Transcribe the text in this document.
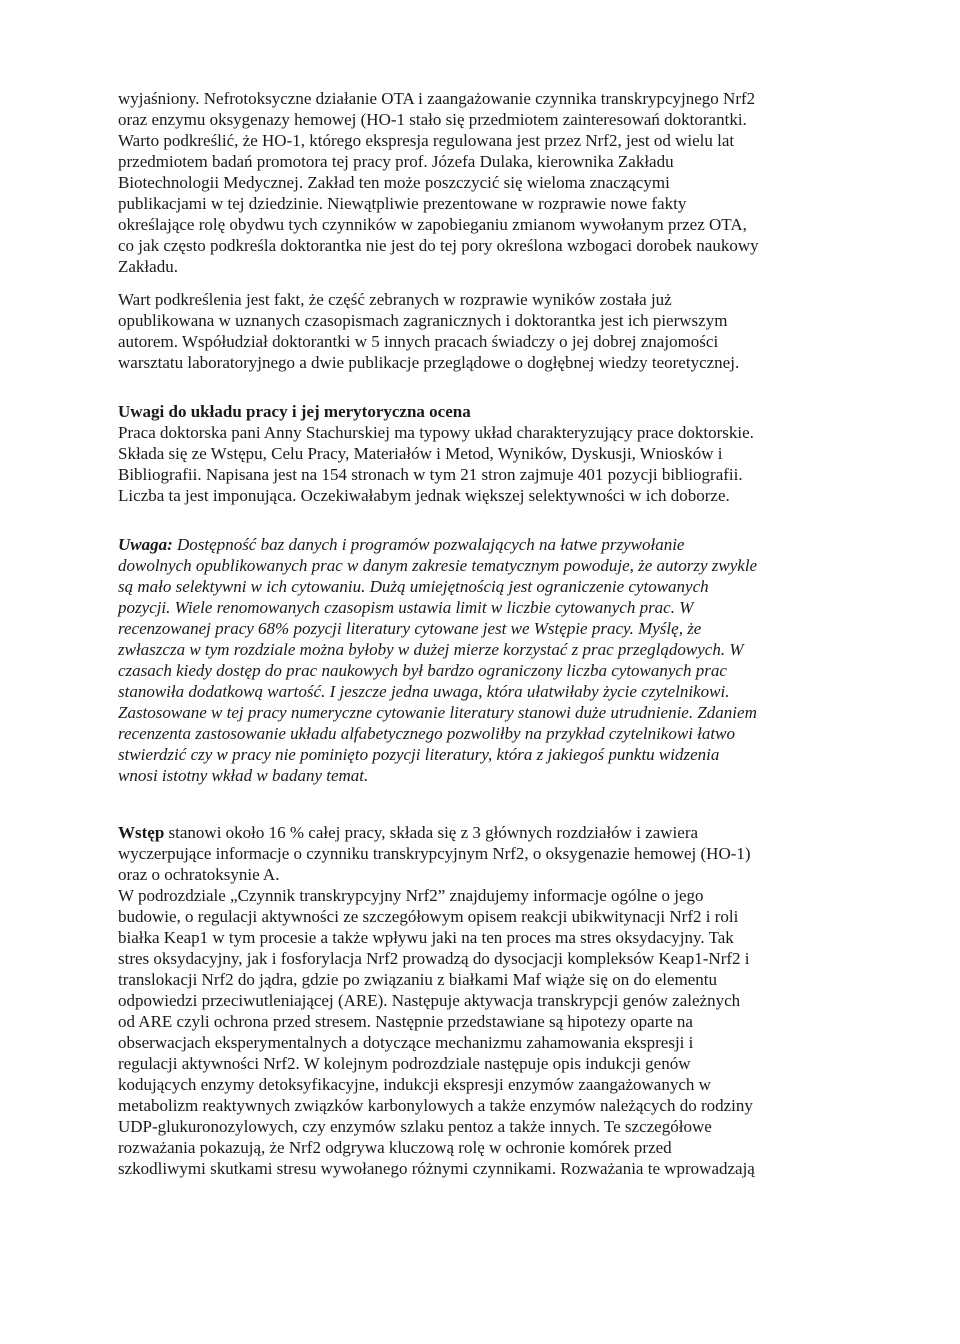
wyjaśniony. Nefrotoksyczne działanie OTA i zaangażowanie czynnika transkrypcyjnego Nrf2
oraz enzymu oksygenazy hemowej (HO-1 stało się przedmiotem zainteresowań doktorantki.
Warto podkreślić, że HO-1, którego ekspresja regulowana jest przez Nrf2, jest od wielu lat
przedmiotem badań promotora tej pracy prof. Józefa Dulaka, kierownika Zakładu
Biotechnologii Medycznej. Zakład ten może poszczycić się wieloma znaczącymi
publikacjami w tej dziedzinie. Niewątpliwie prezentowane w rozprawie nowe fakty
określające rolę obydwu tych czynników w zapobieganiu zmianom wywołanym przez OTA,
co jak często podkreśla doktorantka nie jest do tej pory określona wzbogaci dorobek naukowy
Zakładu.
Wart podkreślenia jest fakt, że część zebranych w rozprawie wyników została już
opublikowana w uznanych czasopismach zagranicznych i doktorantka jest ich pierwszym
autorem. Współudział doktorantki w 5 innych pracach świadczy o jej dobrej znajomości
warsztatu laboratoryjnego a dwie publikacje przeglądowe o dogłębnej wiedzy teoretycznej.
Uwagi do układu pracy i jej merytoryczna ocena
Praca doktorska pani Anny Stachurskiej ma typowy układ charakteryzujący prace doktorskie.
Składa się ze Wstępu, Celu Pracy, Materiałów i Metod, Wyników, Dyskusji, Wniosków i
Bibliografii. Napisana jest na 154 stronach w tym 21 stron zajmuje 401 pozycji bibliografii.
Liczba ta jest imponująca. Oczekiwałabym jednak większej selektywności w ich doborze.
Uwaga: Dostępność baz danych i programów pozwalających na łatwe przywołanie
dowolnych opublikowanych prac w danym zakresie tematycznym powoduje, że autorzy zwykle
są mało selektywni w ich cytowaniu. Dużą umiejętnością jest ograniczenie cytowanych
pozycji. Wiele renomowanych czasopism ustawia limit w liczbie cytowanych prac. W
recenzowanej pracy 68% pozycji literatury cytowane jest we Wstępie pracy. Myślę, że
zwłaszcza w tym rozdziale można byłoby w dużej mierze korzystać z prac przeglądowych. W
czasach kiedy dostęp do prac naukowych był bardzo ograniczony liczba cytowanych prac
stanowiła dodatkową wartość. I jeszcze jedna uwaga, która ułatwiłaby życie czytelnikowi.
Zastosowane w tej pracy numeryczne cytowanie literatury stanowi duże utrudnienie. Zdaniem
recenzenta zastosowanie układu alfabetycznego pozwoliłby na przykład czytelnikowi łatwo
stwierdzić czy w pracy nie pominięto pozycji literatury, która z jakiegoś punktu widzenia
wnosi istotny wkład w badany temat.
Wstęp stanowi około 16 % całej pracy, składa się z 3 głównych rozdziałów i zawiera
wyczerpujące informacje o czynniku transkrypcyjnym Nrf2, o oksygenazie hemowej (HO-1)
oraz o ochratoksynie A.
W podrozdziale „Czynnik transkrypcyjny Nrf2” znajdujemy informacje ogólne o jego
budowie, o regulacji aktywności ze szczegółowym opisem reakcji ubikwitynacji Nrf2 i roli
białka Keap1 w tym procesie a także wpływu jaki na ten proces ma stres oksydacyjny. Tak
stres oksydacyjny, jak i fosforylacja Nrf2 prowadzą do dysocjacji kompleksów Keap1-Nrf2 i
translokacji Nrf2 do jądra, gdzie po związaniu z białkami Maf wiąże się on do elementu
odpowiedzi przeciwutleniającej (ARE). Następuje aktywacja transkrypcji genów zależnych
od ARE czyli ochrona przed stresem. Następnie przedstawiane są hipotezy oparte na
obserwacjach eksperymentalnych a dotyczące mechanizmu zahamowania ekspresji i
regulacji aktywności Nrf2. W kolejnym podrozdziale następuje opis indukcji genów
kodujących enzymy detoksyfikacyjne, indukcji ekspresji enzymów zaangażowanych w
metabolizm reaktywnych związków karbonylowych a także enzymów należących do rodziny
UDP-glukuronozylowych, czy enzymów szlaku pentoz a także innych. Te szczegółowe
rozważania pokazują, że Nrf2 odgrywa kluczową rolę w ochronie komórek przed
szkodliwymi skutkami stresu wywołanego różnymi czynnikami. Rozważania te wprowadzają
